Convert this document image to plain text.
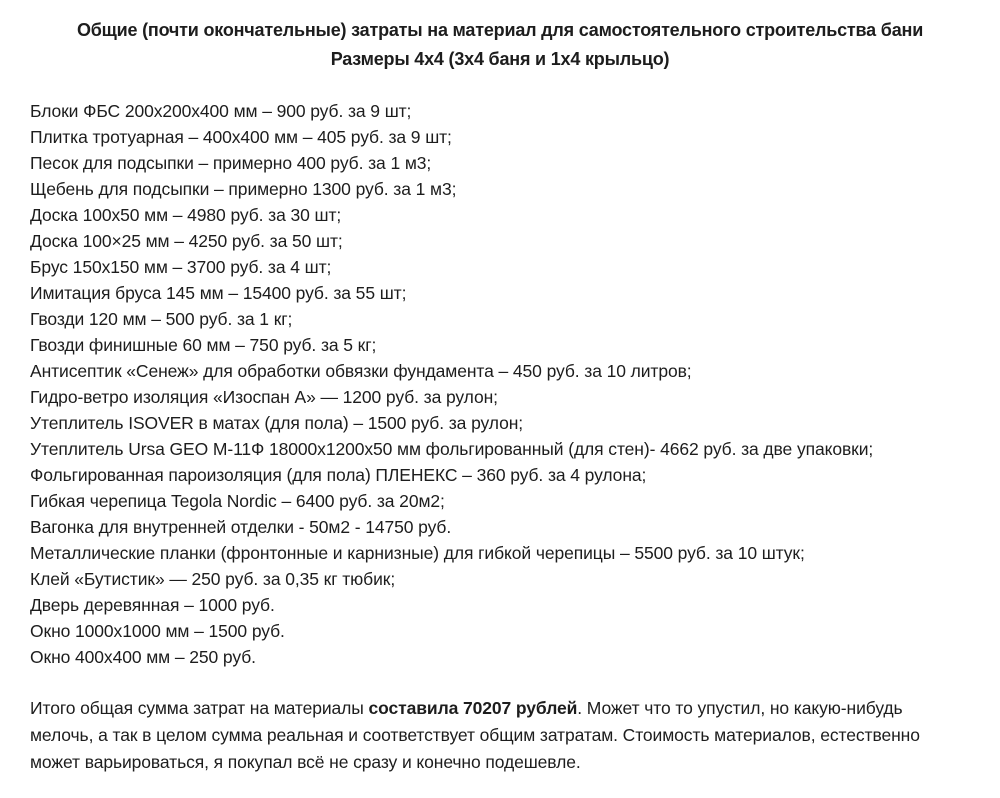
Общие (почти окончательные) затраты на материал для самостоятельного строительства бани
Размеры 4х4 (3х4 баня и 1х4 крыльцо)
Блоки ФБС 200х200х400 мм – 900 руб. за 9 шт;
Плитка тротуарная – 400х400 мм – 405 руб. за 9 шт;
Песок для подсыпки – примерно 400 руб. за 1 м3;
Щебень для подсыпки – примерно 1300 руб. за 1 м3;
Доска 100х50 мм – 4980 руб. за 30 шт;
Доска 100×25 мм – 4250 руб. за 50 шт;
Брус 150х150 мм – 3700 руб. за 4 шт;
Имитация бруса 145 мм – 15400 руб. за 55 шт;
Гвозди 120 мм – 500 руб. за 1 кг;
Гвозди финишные 60 мм – 750 руб. за 5 кг;
Антисептик «Сенеж» для обработки обвязки фундамента – 450 руб. за 10 литров;
Гидро-ветро изоляция «Изоспан А» — 1200 руб. за рулон;
Утеплитель ISOVER в матах (для пола) – 1500 руб. за рулон;
Утеплитель Ursa GEO М-11Ф 18000х1200х50 мм фольгированный (для стен)- 4662 руб. за две упаковки;
Фольгированная пароизоляция (для пола) ПЛЕНЕКС – 360 руб. за 4 рулона;
Гибкая черепица Tegola Nordic – 6400 руб. за 20м2;
Вагонка для внутренней отделки - 50м2 - 14750 руб.
Металлические планки (фронтонные и карнизные) для гибкой черепицы – 5500 руб. за 10 штук;
Клей «Бутистик» — 250 руб. за 0,35 кг тюбик;
Дверь деревянная – 1000 руб.
Окно 1000х1000 мм – 1500 руб.
Окно 400х400 мм – 250 руб.

Итого общая сумма затрат на материалы составила 70207 рублей. Может что то упустил, но какую-нибудь мелочь, а так в целом сумма реальная и соответствует общим затратам. Стоимость материалов, естественно может варьироваться, я покупал всё не сразу и конечно подешевле.
